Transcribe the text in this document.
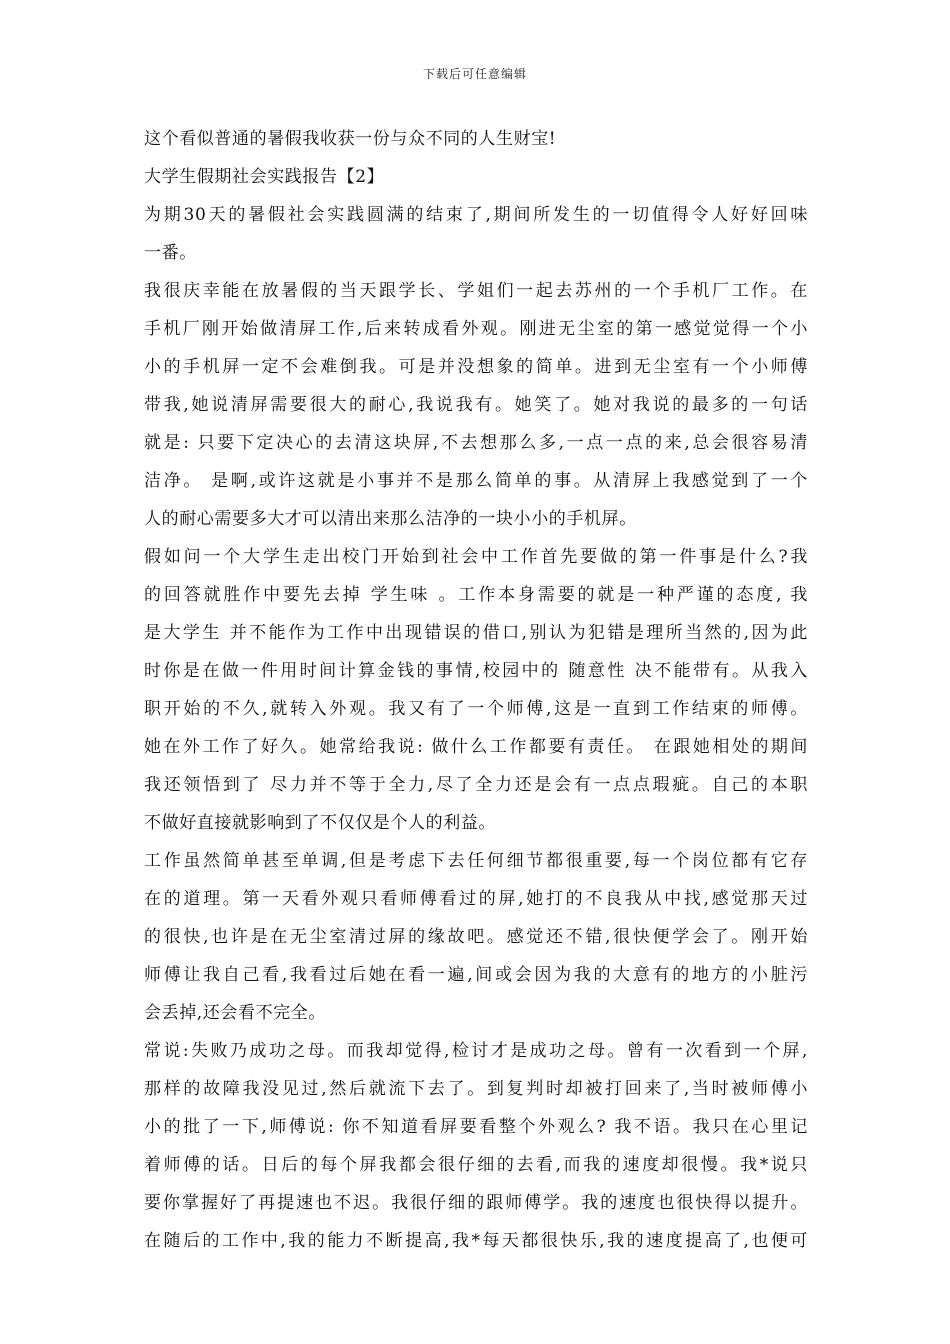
下载后可任意编辑
这个看似普通的暑假我收获一份与众不同的人生财宝!
大学生假期社会实践报告【2】
为期30天的暑假社会实践圆满的结束了,期间所发生的一切值得令人好好回味
一番。
我很庆幸能在放暑假的当天跟学长、学姐们一起去苏州的一个手机厂工作。在
手机厂刚开始做清屏工作,后来转成看外观。刚进无尘室的第一感觉觉得一个小
小的手机屏一定不会难倒我。可是并没想象的简单。进到无尘室有一个小师傅
带我,她说清屏需要很大的耐心,我说我有。她笑了。她对我说的最多的一句话
就是: 只要下定决心的去清这块屏,不去想那么多,一点一点的来,总会很容易清
洁净。 是啊,或许这就是小事并不是那么简单的事。从清屏上我感觉到了一个
人的耐心需要多大才可以清出来那么洁净的一块小小的手机屏。
假如问一个大学生走出校门开始到社会中工作首先要做的第一件事是什么?我
的回答就胜作中要先去掉 学生味 。工作本身需要的就是一种严谨的态度, 我
是大学生 并不能作为工作中出现错误的借口,别认为犯错是理所当然的,因为此
时你是在做一件用时间计算金钱的事情,校园中的 随意性 决不能带有。从我入
职开始的不久,就转入外观。我又有了一个师傅,这是一直到工作结束的师傅。
她在外工作了好久。她常给我说: 做什么工作都要有责任。 在跟她相处的期间
我还领悟到了 尽力并不等于全力,尽了全力还是会有一点点瑕疵。自己的本职
不做好直接就影响到了不仅仅是个人的利益。
工作虽然简单甚至单调,但是考虑下去任何细节都很重要,每一个岗位都有它存
在的道理。第一天看外观只看师傅看过的屏,她打的不良我从中找,感觉那天过
的很快,也许是在无尘室清过屏的缘故吧。感觉还不错,很快便学会了。刚开始
师傅让我自己看,我看过后她在看一遍,间或会因为我的大意有的地方的小脏污
会丢掉,还会看不完全。
常说:失败乃成功之母。而我却觉得,检讨才是成功之母。曾有一次看到一个屏,
那样的故障我没见过,然后就流下去了。到复判时却被打回来了,当时被师傅小
小的批了一下,师傅说: 你不知道看屏要看整个外观么? 我不语。我只在心里记
着师傅的话。日后的每个屏我都会很仔细的去看,而我的速度却很慢。我*说只
要你掌握好了再提速也不迟。我很仔细的跟师傅学。我的速度也很快得以提升。
在随后的工作中,我的能力不断提高,我*每天都很快乐,我的速度提高了,也便可
